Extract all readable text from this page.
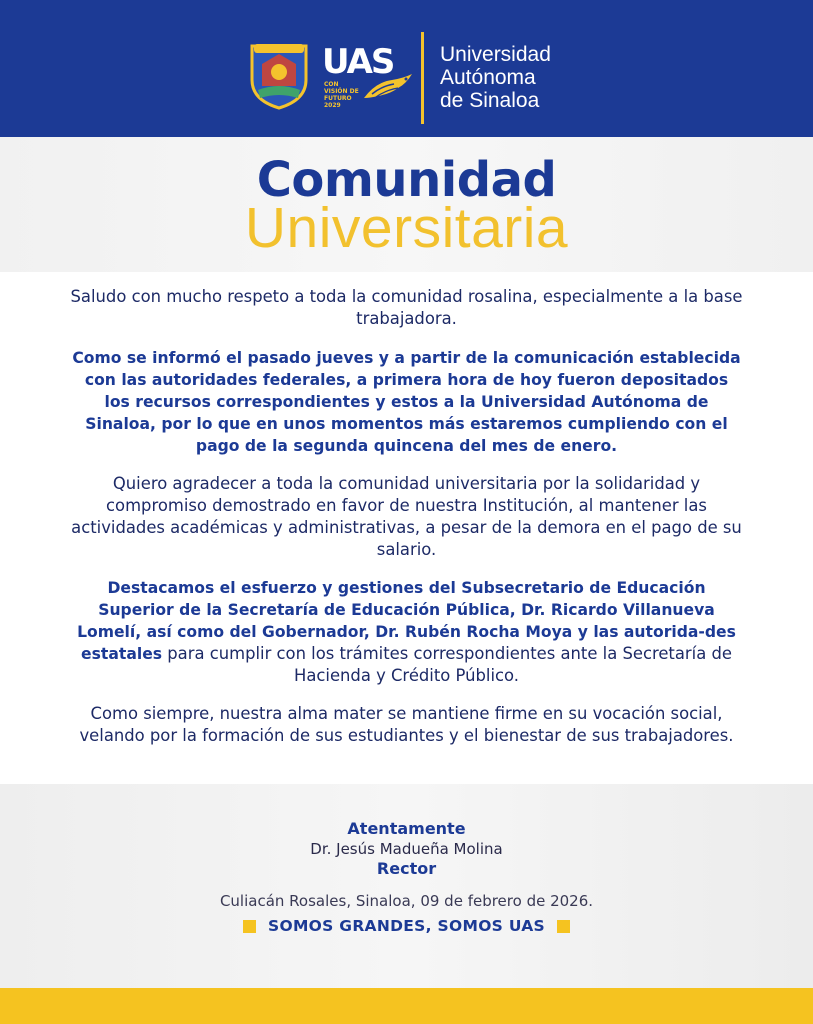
UAS
CON VISIÓN DE FUTURO 2029
Universidad
Autónoma
de Sinaloa
Comunidad
Universitaria

Saludo con mucho respeto a toda la comunidad rosalina, especialmente a la base trabajadora.

Como se informó el pasado jueves y a partir de la comunicación establecida con las autoridades federales, a primera hora de hoy fueron depositados los recursos correspondientes y estos a la Universidad Autónoma de Sinaloa, por lo que en unos momentos más estaremos cumpliendo con el pago de la segunda quincena del mes de enero.

Quiero agradecer a toda la comunidad universitaria por la solidaridad y compromiso demostrado en favor de nuestra Institución, al mantener las actividades académicas y administrativas, a pesar de la demora en el pago de su salario.

Destacamos el esfuerzo y gestiones del Subsecretario de Educación Superior de la Secretaría de Educación Pública, Dr. Ricardo Villanueva Lomelí, así como del Gobernador, Dr. Rubén Rocha Moya y las autorida-des estatales para cumplir con los trámites correspondientes ante la Secretaría de Hacienda y Crédito Público.

Como siempre, nuestra alma mater se mantiene firme en su vocación social, velando por la formación de sus estudiantes y el bienestar de sus trabajadores.

Atentamente
Dr. Jesús Madueña Molina
Rector
Culiacán Rosales, Sinaloa, 09 de febrero de 2026.
SOMOS GRANDES, SOMOS UAS
